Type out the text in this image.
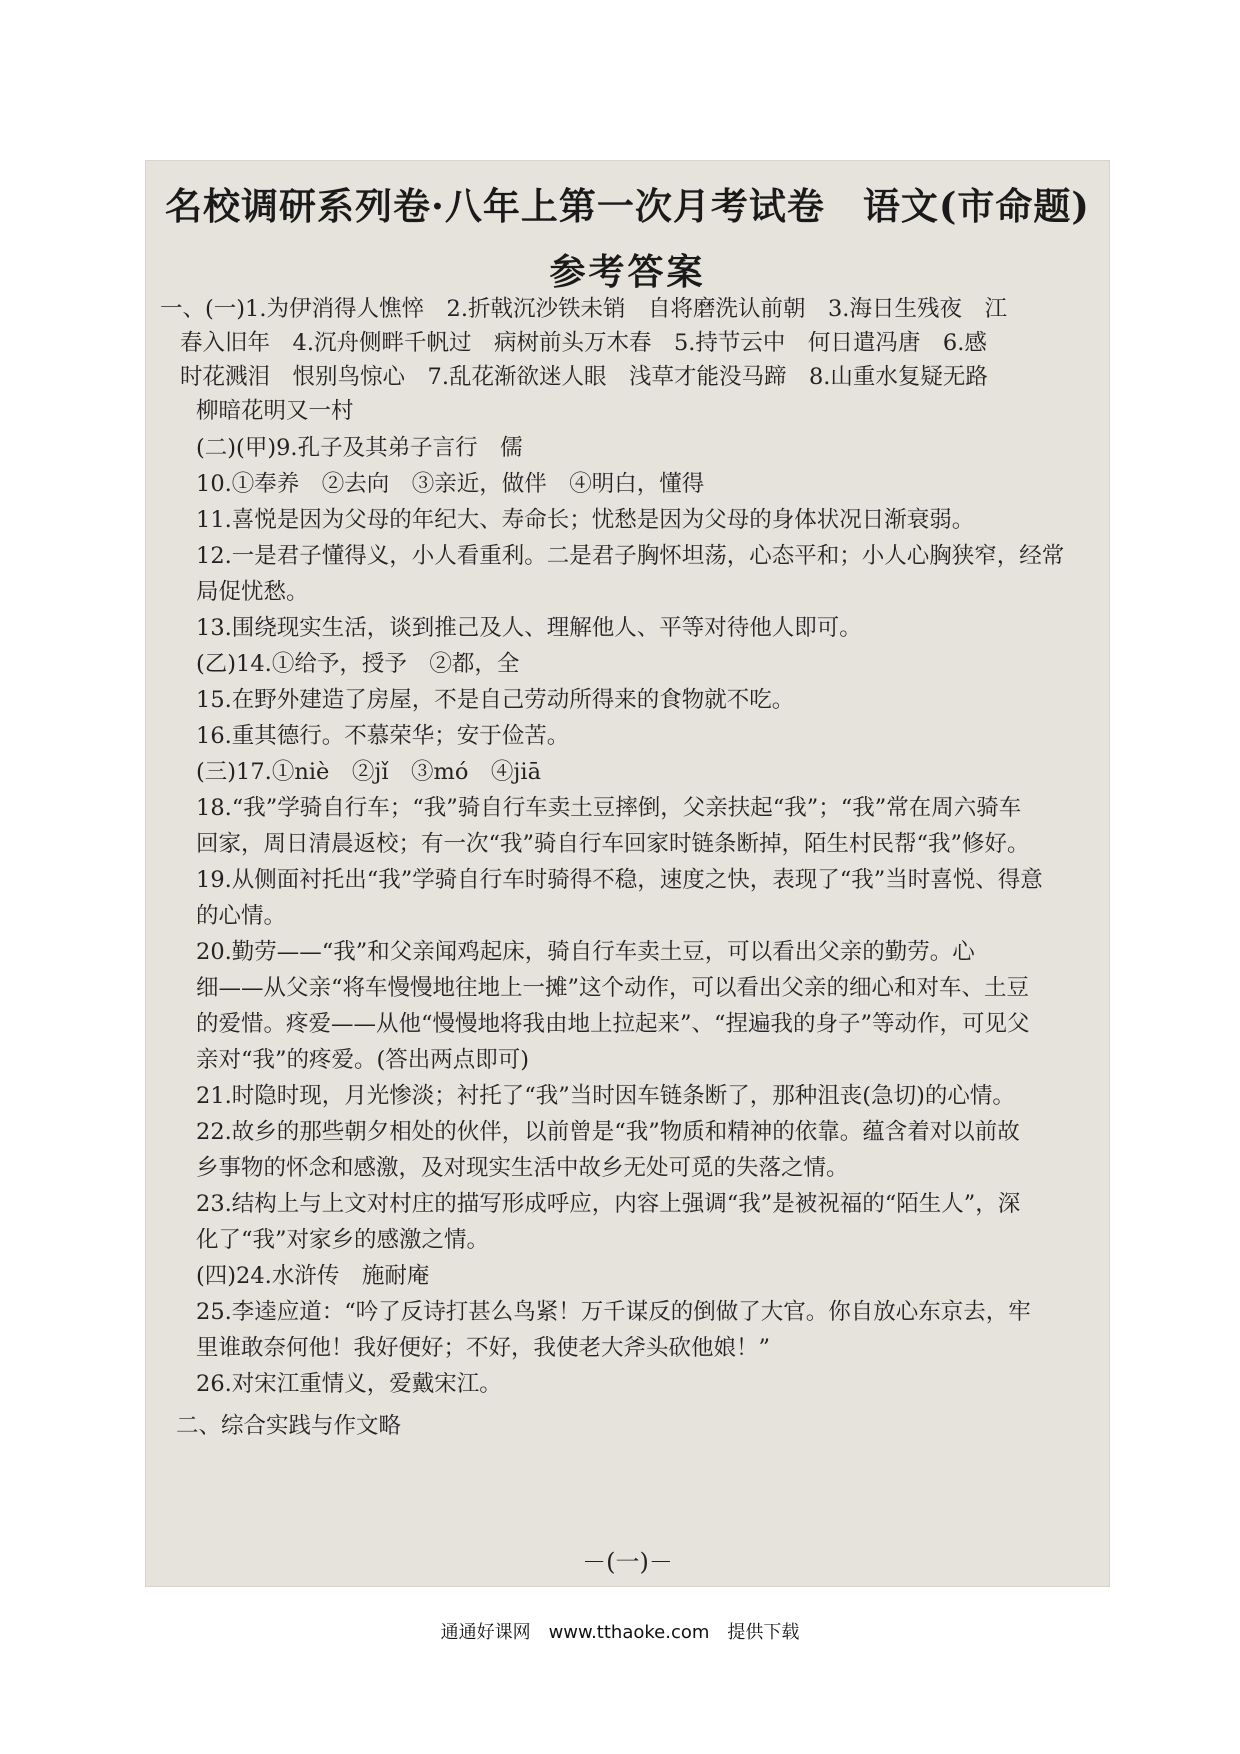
名校调研系列卷·八年上第一次月考试卷　语文(市命题)
参考答案
一、(一)1.为伊消得人憔悴　2.折戟沉沙铁未销　自将磨洗认前朝　3.海日生残夜　江
春入旧年　4.沉舟侧畔千帆过　病树前头万木春　5.持节云中　何日遣冯唐　6.感
时花溅泪　恨别鸟惊心　7.乱花渐欲迷人眼　浅草才能没马蹄　8.山重水复疑无路
柳暗花明又一村
(二)(甲)9.孔子及其弟子言行　儒
10.①奉养　②去向　③亲近，做伴　④明白，懂得
11.喜悦是因为父母的年纪大、寿命长；忧愁是因为父母的身体状况日渐衰弱。
12.一是君子懂得义，小人看重利。二是君子胸怀坦荡，心态平和；小人心胸狭窄，经常
局促忧愁。
13.围绕现实生活，谈到推己及人、理解他人、平等对待他人即可。
(乙)14.①给予，授予　②都，全
15.在野外建造了房屋，不是自己劳动所得来的食物就不吃。
16.重其德行。不慕荣华；安于俭苦。
(三)17.①niè　②jǐ　③mó　④jiā
18.“我”学骑自行车；“我”骑自行车卖土豆摔倒，父亲扶起“我”；“我”常在周六骑车
回家，周日清晨返校；有一次“我”骑自行车回家时链条断掉，陌生村民帮“我”修好。
19.从侧面衬托出“我”学骑自行车时骑得不稳，速度之快，表现了“我”当时喜悦、得意
的心情。
20.勤劳——“我”和父亲闻鸡起床，骑自行车卖土豆，可以看出父亲的勤劳。心
细——从父亲“将车慢慢地往地上一摊”这个动作，可以看出父亲的细心和对车、土豆
的爱惜。疼爱——从他“慢慢地将我由地上拉起来”、“捏遍我的身子”等动作，可见父
亲对“我”的疼爱。(答出两点即可)
21.时隐时现，月光惨淡；衬托了“我”当时因车链条断了，那种沮丧(急切)的心情。
22.故乡的那些朝夕相处的伙伴，以前曾是“我”物质和精神的依靠。蕴含着对以前故
乡事物的怀念和感激，及对现实生活中故乡无处可觅的失落之情。
23.结构上与上文对村庄的描写形成呼应，内容上强调“我”是被祝福的“陌生人”，深
化了“我”对家乡的感激之情。
(四)24.水浒传　施耐庵
25.李逵应道：“吟了反诗打甚么鸟紧！万千谋反的倒做了大官。你自放心东京去，牢
里谁敢奈何他！我好便好；不好，我使老大斧头砍他娘！”
26.对宋江重情义，爱戴宋江。
二、综合实践与作文略
－(一)－
通通好课网　www.tthaoke.com　提供下载
